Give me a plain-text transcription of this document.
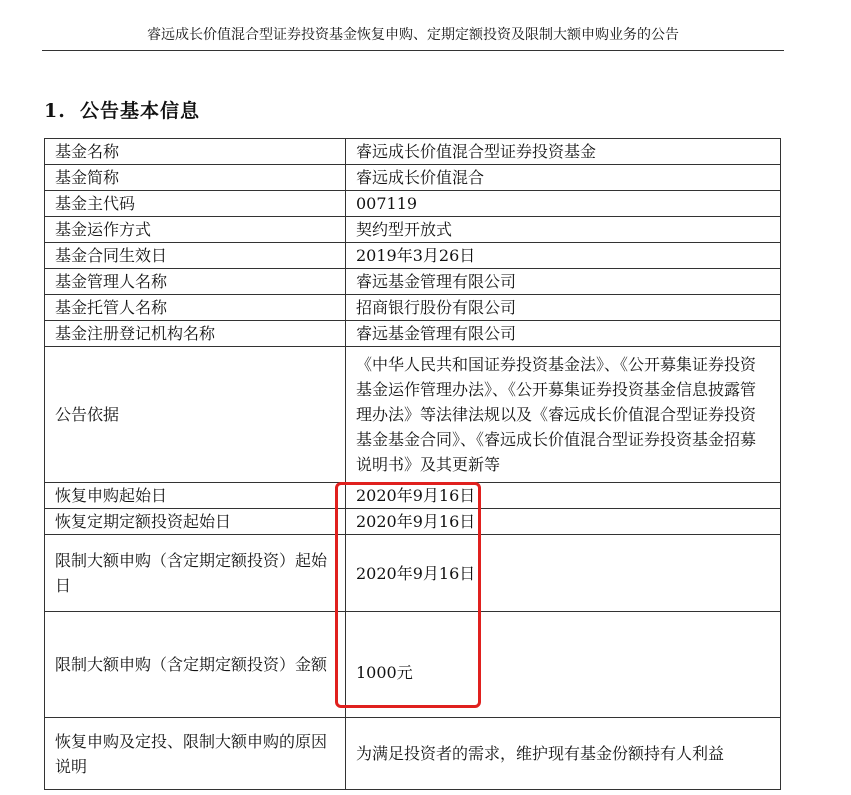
睿远成长价值混合型证券投资基金恢复申购、定期定额投资及限制大额申购业务的公告
1. 公告基本信息
基金名称	睿远成长价值混合型证券投资基金
基金简称	睿远成长价值混合
基金主代码	007119
基金运作方式	契约型开放式
基金合同生效日	2019年3月26日
基金管理人名称	睿远基金管理有限公司
基金托管人名称	招商银行股份有限公司
基金注册登记机构名称	睿远基金管理有限公司
公告依据	《中华人民共和国证券投资基金法》、《公开募集证券投资基金运作管理办法》、《公开募集证券投资基金信息披露管理办法》等法律法规以及《睿远成长价值混合型证券投资基金基金合同》、《睿远成长价值混合型证券投资基金招募说明书》及其更新等
恢复申购起始日	2020年9月16日
恢复定期定额投资起始日	2020年9月16日
限制大额申购（含定期定额投资）起始日	2020年9月16日
限制大额申购（含定期定额投资）金额	1000元
恢复申购及定投、限制大额申购的原因说明	为满足投资者的需求，维护现有基金份额持有人利益
